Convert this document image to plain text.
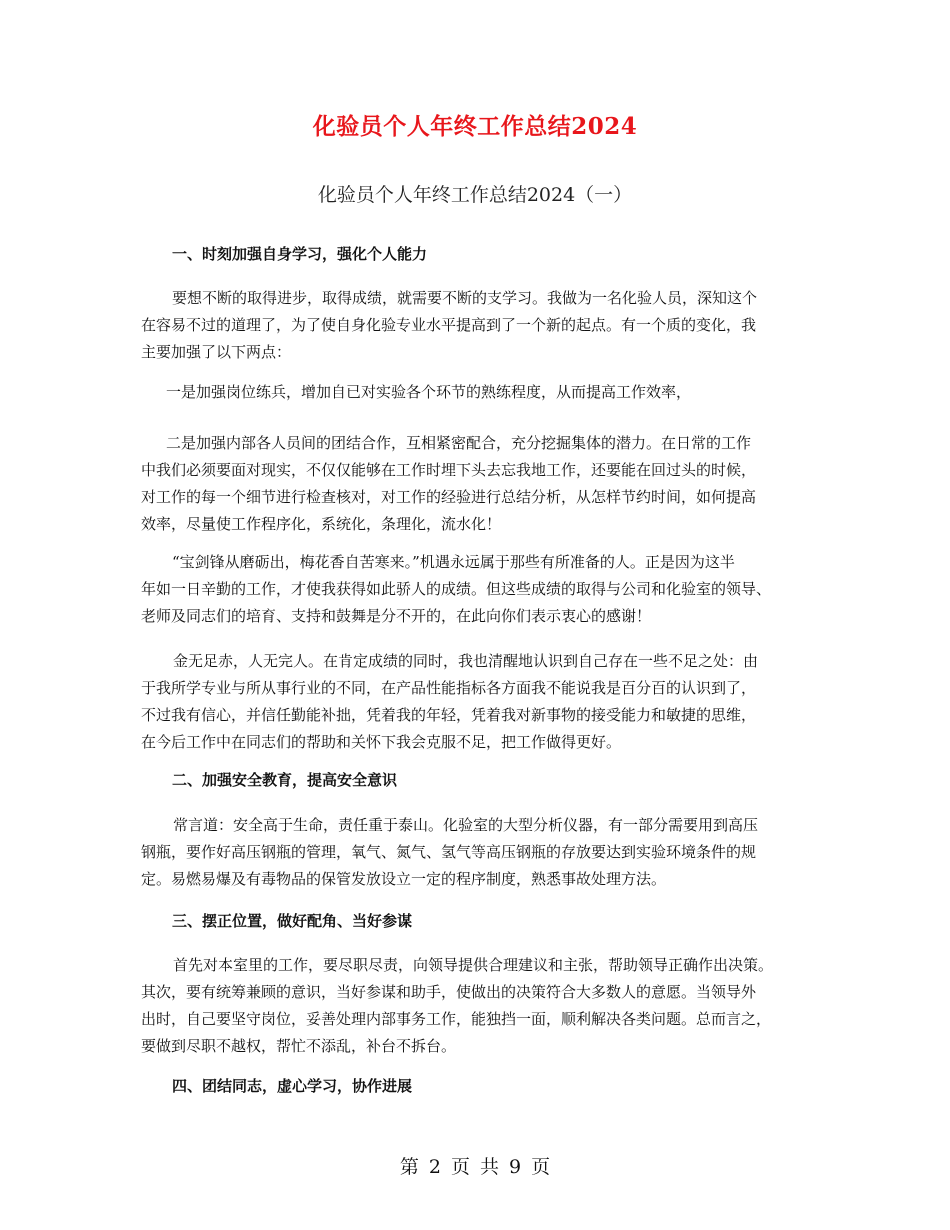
化验员个人年终工作总结2024
化验员个人年终工作总结2024（一）
一、时刻加强自身学习，强化个人能力
　要想不断的取得进步，取得成绩，就需要不断的支学习。我做为一名化验人员，深知这个
在容易不过的道理了，为了使自身化验专业水平提高到了一个新的起点。有一个质的变化，我
主要加强了以下两点：
一是加强岗位练兵，增加自已对实验各个环节的熟练程度，从而提高工作效率，
二是加强内部各人员间的团结合作，互相紧密配合，充分挖掘集体的潜力。在日常的工作
中我们必须要面对现实，不仅仅能够在工作时埋下头去忘我地工作，还要能在回过头的时候，
对工作的每一个细节进行检查核对，对工作的经验进行总结分析，从怎样节约时间，如何提高
效率，尽量使工作程序化，系统化，条理化，流水化！
　“宝剑锋从磨砺出，梅花香自苦寒来。”机遇永远属于那些有所准备的人。正是因为这半
年如一日辛勤的工作，才使我获得如此骄人的成绩。但这些成绩的取得与公司和化验室的领导、
老师及同志们的培育、支持和鼓舞是分不开的，在此向你们表示衷心的感谢！
金无足赤，人无完人。在肯定成绩的同时，我也清醒地认识到自己存在一些不足之处：由
于我所学专业与所从事行业的不同，在产品性能指标各方面我不能说我是百分百的认识到了，
不过我有信心，并信任勤能补拙，凭着我的年轻，凭着我对新事物的接受能力和敏捷的思维，
在今后工作中在同志们的帮助和关怀下我会克服不足，把工作做得更好。
二、加强安全教育，提高安全意识
常言道：安全高于生命，责任重于泰山。化验室的大型分析仪器，有一部分需要用到高压
钢瓶，要作好高压钢瓶的管理，氧气、氮气、氢气等高压钢瓶的存放要达到实验环境条件的规
定。易燃易爆及有毒物品的保管发放设立一定的程序制度，熟悉事故处理方法。
三、摆正位置，做好配角、当好参谋
首先对本室里的工作，要尽职尽责，向领导提供合理建议和主张，帮助领导正确作出决策。
其次，要有统筹兼顾的意识，当好参谋和助手，使做出的决策符合大多数人的意愿。当领导外
出时，自己要坚守岗位，妥善处理内部事务工作，能独挡一面，顺利解决各类问题。总而言之，
要做到尽职不越权，帮忙不添乱，补台不拆台。
四、团结同志，虚心学习，协作进展
第 2 页 共 9 页
